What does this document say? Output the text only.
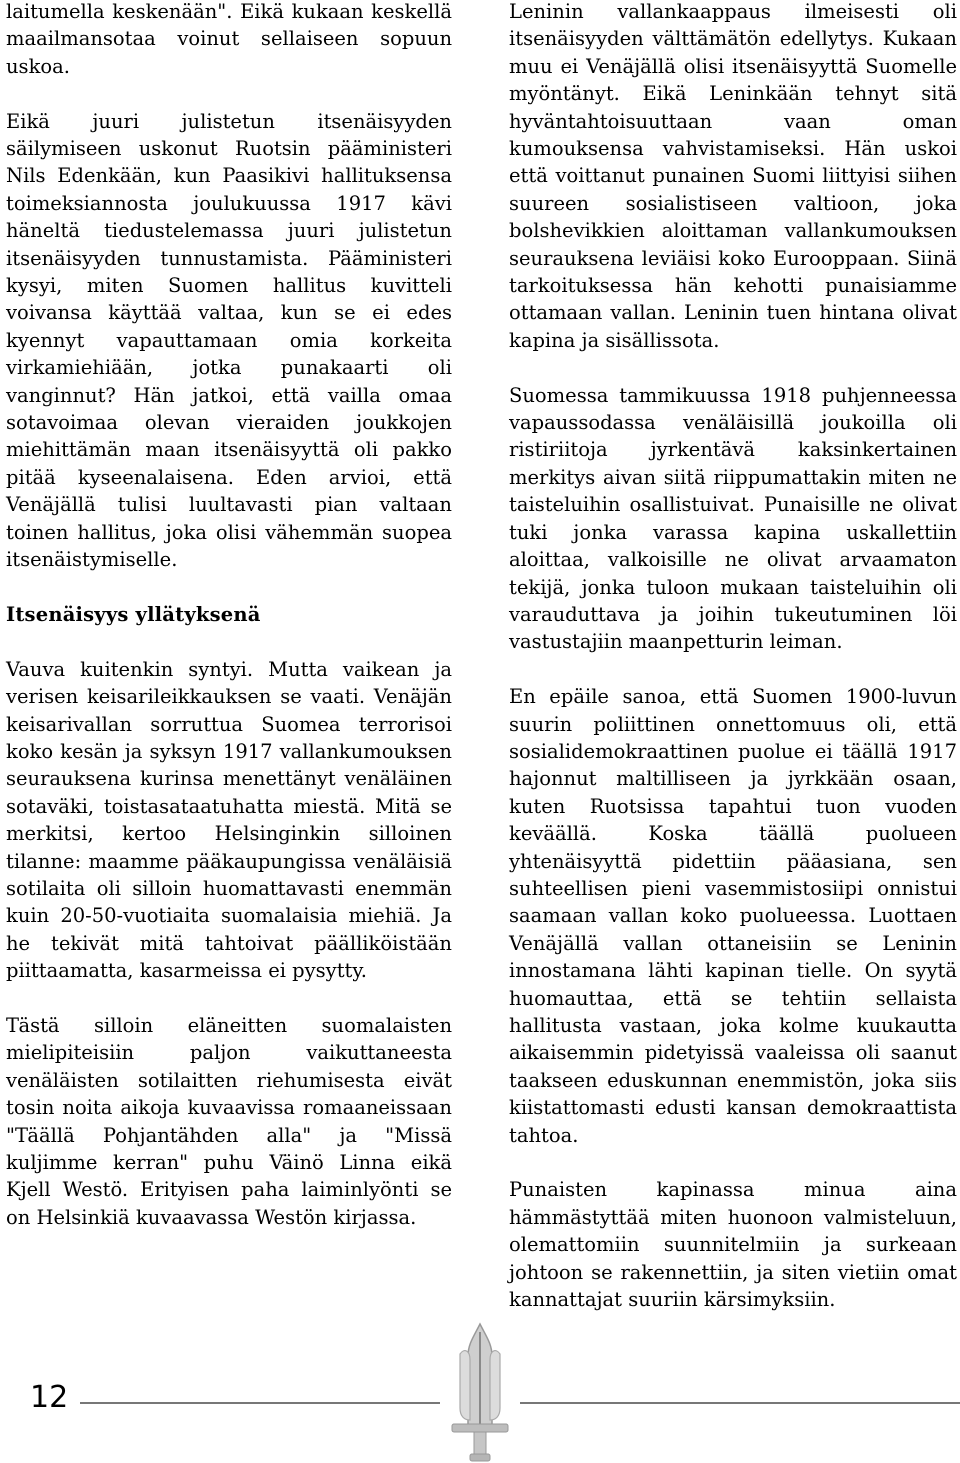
laitumella keskenään". Eikä kukaan keskellä maailmansotaa voinut sellaiseen sopuun uskoa.

Eikä juuri julistetun itsenäisyyden säilymiseen uskonut Ruotsin pääministeri Nils Edenkään, kun Paasikivi hallituksensa toimeksiannosta joulukuussa 1917 kävi häneltä tiedustelemassa juuri julistetun itsenäisyyden tunnustamista. Pääministeri kysyi, miten Suomen hallitus kuvitteli voivansa käyttää valtaa, kun se ei edes kyennyt vapauttamaan omia korkeita virkamiehiään, jotka punakaarti oli vanginnut? Hän jatkoi, että vailla omaa sotavoimaa olevan vieraiden joukkojen miehittämän maan itsenäisyyttä oli pakko pitää kyseenalaisena. Eden arvioi, että Venäjällä tulisi luultavasti pian valtaan toinen hallitus, joka olisi vähemmän suopea itsenäistymiselle.

Itsenäisyys yllätyksenä

Vauva kuitenkin syntyi. Mutta vaikean ja verisen keisarileikkauksen se vaati. Venäjän keisarivallan sorruttua Suomea terrorisoi koko kesän ja syksyn 1917 vallankumouksen seurauksena kurinsa menettänyt venäläinen sotaväki, toistasataatuhatta miestä. Mitä se merkitsi, kertoo Helsinginkin silloinen tilanne: maamme pääkaupungissa venäläisiä sotilaita oli silloin huomattavasti enemmän kuin 20-50-vuotiaita suomalaisia miehiä. Ja he tekivät mitä tahtoivat päälliköistään piittaamatta, kasarmeissa ei pysytty.

Tästä silloin eläneitten suomalaisten mielipiteisiin paljon vaikuttaneesta venäläisten sotilaitten riehumisesta eivät tosin noita aikoja kuvaavissa romaaneissaan "Täällä Pohjantähden alla" ja "Missä kuljimme kerran" puhu Väinö Linna eikä Kjell Westö. Erityisen paha laiminlyönti se on Helsinkiä kuvaavassa Westön kirjassa.

Leninin vallankaappaus ilmeisesti oli itsenäisyyden välttämätön edellytys. Kukaan muu ei Venäjällä olisi itsenäisyyttä Suomelle myöntänyt. Eikä Leninkään tehnyt sitä hyväntahtoisuuttaan vaan oman kumouksensa vahvistamiseksi. Hän uskoi että voittanut punainen Suomi liittyisi siihen suureen sosialistiseen valtioon, joka bolshevikkien aloittaman vallankumouksen seurauksena leviäisi koko Eurooppaan. Siinä tarkoituksessa hän kehotti punaisiamme ottamaan vallan. Leninin tuen hintana olivat kapina ja sisällissota.

Suomessa tammikuussa 1918 puhjenneessa vapaussodassa venäläisillä joukoilla oli ristiriitoja jyrkentävä kaksinkertainen merkitys aivan siitä riippumattakin miten ne taisteluihin osallistuivat. Punaisille ne olivat tuki jonka varassa kapina uskallettiin aloittaa, valkoisille ne olivat arvaamaton tekijä, jonka tuloon mukaan taisteluihin oli varauduttava ja joihin tukeutuminen löi vastustajiin maanpetturin leiman.

En epäile sanoa, että Suomen 1900-luvun suurin poliittinen onnettomuus oli, että sosialidemokraattinen puolue ei täällä 1917 hajonnut maltilliseen ja jyrkkään osaan, kuten Ruotsissa tapahtui tuon vuoden keväällä. Koska täällä puolueen yhtenäisyyttä pidettiin pääasiana, sen suhteellisen pieni vasemmistosiipi onnistui saamaan vallan koko puolueessa. Luottaen Venäjällä vallan ottaneisiin se Leninin innostamana lähti kapinan tielle. On syytä huomauttaa, että se tehtiin sellaista hallitusta vastaan, joka kolme kuukautta aikaisemmin pidetyissä vaaleissa oli saanut taakseen eduskunnan enemmistön, joka siis kiistattomasti edusti kansan demokraattista tahtoa.

Punaisten kapinassa minua aina hämmästyttää miten huonoon valmisteluun, olemattomiin suunnitelmiin ja surkeaan johtoon se rakennettiin, ja siten vietiin omat kannattajat suuriin kärsimyksiin.

12
